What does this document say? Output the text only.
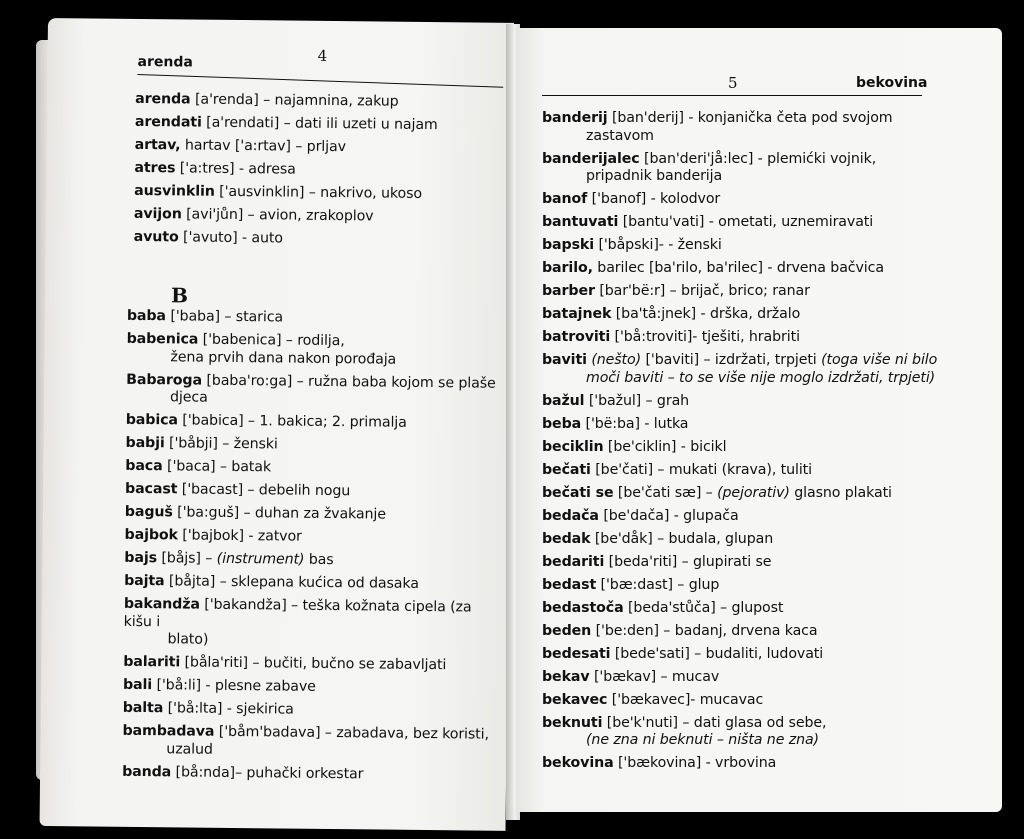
arenda	4
arenda [a'renda] – najamnina, zakup
arendati [a'rendati] – dati ili uzeti u najam
artav, hartav ['a:rtav] – prljav
atres ['a:tres] - adresa
ausvinklin ['ausvinklin] – nakrivo, ukoso
avijon [avi'jůn] – avion, zrakoplov
avuto ['avuto] - auto
B
baba ['baba] – starica
babenica ['babenica] – rodilja,
žena prvih dana nakon porođaja
Babaroga [baba'ro:ga] – ružna baba kojom se plaše
djeca
babica ['babica] – 1. bakica; 2. primalja
babji ['båbji] – ženski
baca ['baca] – batak
bacast ['bacast] – debelih nogu
baguš ['ba:guš] – duhan za žvakanje
bajbok ['bajbok] - zatvor
bajs [båjs] – (instrument) bas
bajta [båjta] – sklepana kućica od dasaka
bakandža ['bakandža] – teška kožnata cipela (za kišu i
blato)
balariti [båla'riti] – bučiti, bučno se zabavljati
bali ['bå:li] - plesne zabave
balta ['bå:lta] - sjekirica
bambadava ['båm'badava] – zabadava, bez koristi,
uzalud
banda [bå:nda]– puhački orkestar
5	bekovina
banderij [ban'derij] - konjanička četa pod svojom
zastavom
banderijalec [ban'deri'jå:lec] - plemićki vojnik,
pripadnik banderija
banof ['banof] - kolodvor
bantuvati [bantu'vati] - ometati, uznemiravati
bapski ['båpski]- - ženski
barilo, barilec [ba'rilo, ba'rilec] - drvena bačvica
barber [bar'bë:r] – brijač, brico; ranar
batajnek [ba'tå:jnek] - drška, držalo
batroviti ['bå:troviti]- tješiti, hrabriti
baviti (nešto) ['baviti] – izdržati, trpjeti (toga više ni bilo
moči baviti – to se više nije moglo izdržati, trpjeti)
bažul ['bažul] – grah
beba ['bë:ba] - lutka
beciklin [be'ciklin] - bicikl
bečati [be'čati] – mukati (krava), tuliti
bečati se [be'čati sæ] – (pejorativ) glasno plakati
bedača [be'dača] - glupača
bedak [be'dåk] – budala, glupan
bedariti [beda'riti] – glupirati se
bedast ['bæ:dast] – glup
bedastoča [beda'stůča] – glupost
beden ['be:den] – badanj, drvena kaca
bedesati [bede'sati] – budaliti, ludovati
bekav ['bækav] – mucav
bekavec ['bækavec]- mucavac
beknuti [be'k'nuti] – dati glasa od sebe,
(ne zna ni beknuti – ništa ne zna)
bekovina ['bækovina] - vrbovina
